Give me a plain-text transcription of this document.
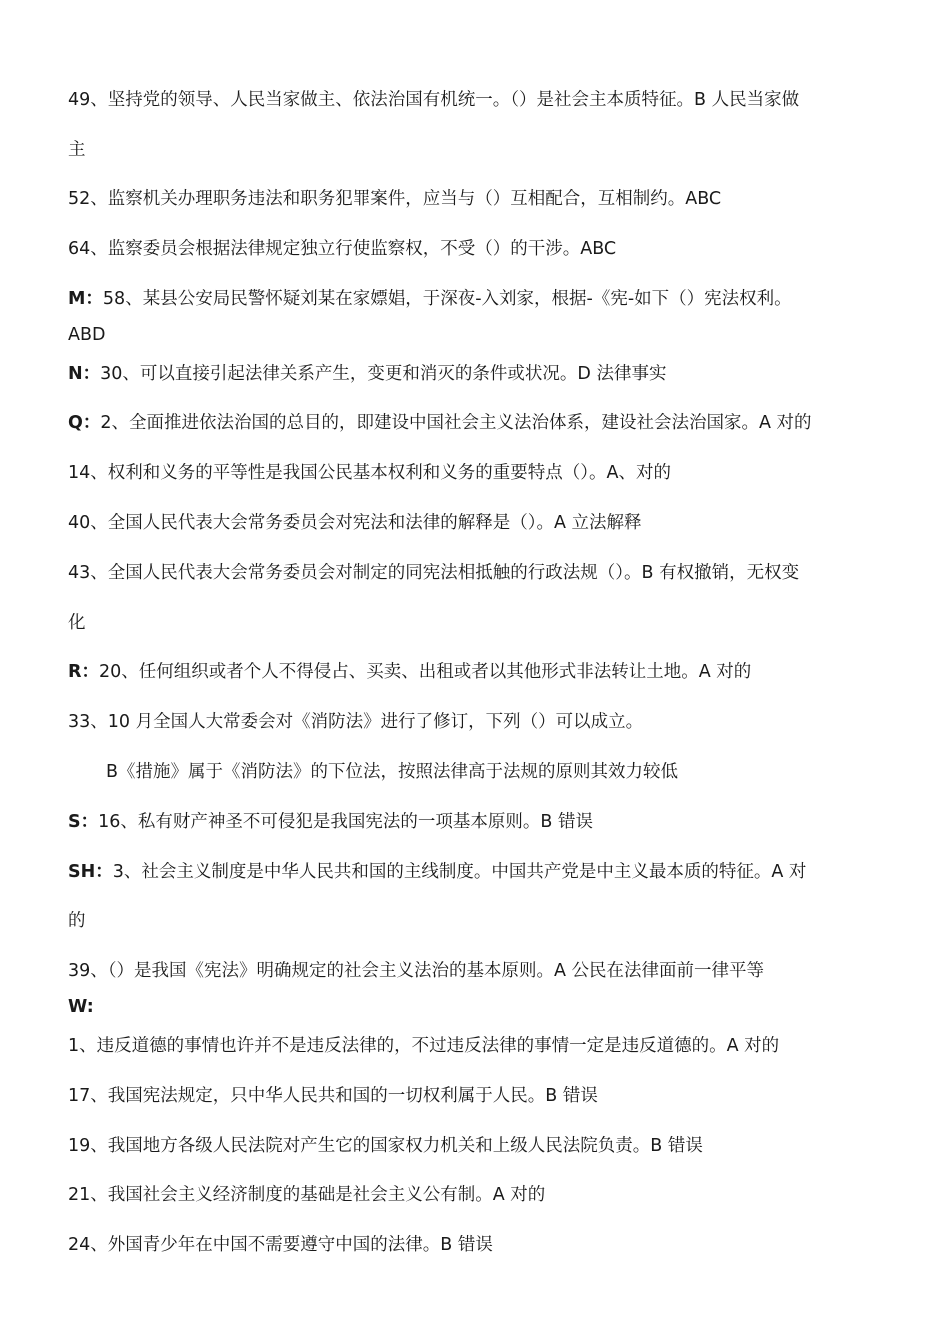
49、坚持党的领导、人民当家做主、依法治国有机统一。（）是社会主本质特征。B 人民当家做
主
52、监察机关办理职务违法和职务犯罪案件，应当与（）互相配合，互相制约。ABC
64、监察委员会根据法律规定独立行使监察权，不受（）的干涉。ABC
M：58、某县公安局民警怀疑刘某在家嫖娼，于深夜-入刘家，根据-《宪-如下（）宪法权利。
ABD
N：30、可以直接引起法律关系产生，变更和消灭的条件或状况。D 法律事实
Q：2、全面推进依法治国的总目的，即建设中国社会主义法治体系，建设社会法治国家。A 对的
14、权利和义务的平等性是我国公民基本权利和义务的重要特点（）。A、对的
40、全国人民代表大会常务委员会对宪法和法律的解释是（）。A 立法解释
43、全国人民代表大会常务委员会对制定的同宪法相抵触的行政法规（）。B 有权撤销，无权变
化
R：20、任何组织或者个人不得侵占、买卖、出租或者以其他形式非法转让土地。A 对的
33、10 月全国人大常委会对《消防法》进行了修订，下列（）可以成立。
B《措施》属于《消防法》的下位法，按照法律高于法规的原则其效力较低
S：16、私有财产神圣不可侵犯是我国宪法的一项基本原则。B 错误
SH：3、社会主义制度是中华人民共和国的主线制度。中国共产党是中主义最本质的特征。A 对
的
39、（）是我国《宪法》明确规定的社会主义法治的基本原则。A 公民在法律面前一律平等
W:
1、违反道德的事情也许并不是违反法律的，不过违反法律的事情一定是违反道德的。A 对的
17、我国宪法规定，只中华人民共和国的一切权利属于人民。B 错误
19、我国地方各级人民法院对产生它的国家权力机关和上级人民法院负责。B 错误
21、我国社会主义经济制度的基础是社会主义公有制。A 对的
24、外国青少年在中国不需要遵守中国的法律。B 错误
